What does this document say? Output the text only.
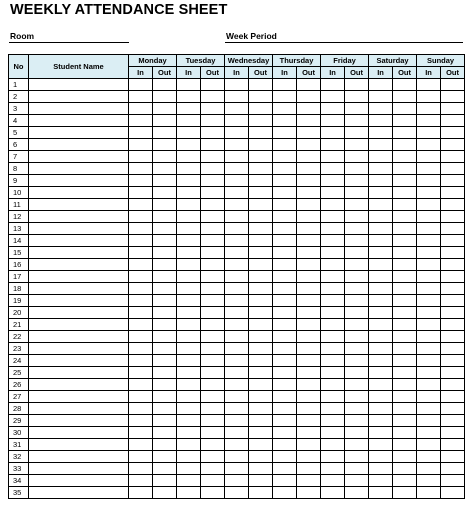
WEEKLY ATTENDANCE SHEET
Room	Week Period
No	Student Name	Monday		Tuesday		Wednesday		Thursday		Friday		Saturday		Sunday	
		In	Out	In	Out	In	Out	In	Out	In	Out	In	Out	In	Out
1															
2															
3															
4															
5															
6															
7															
8															
9															
10															
11															
12															
13															
14															
15															
16															
17															
18															
19															
20															
21															
22															
23															
24															
25															
26															
27															
28															
29															
30															
31															
32															
33															
34															
35															
